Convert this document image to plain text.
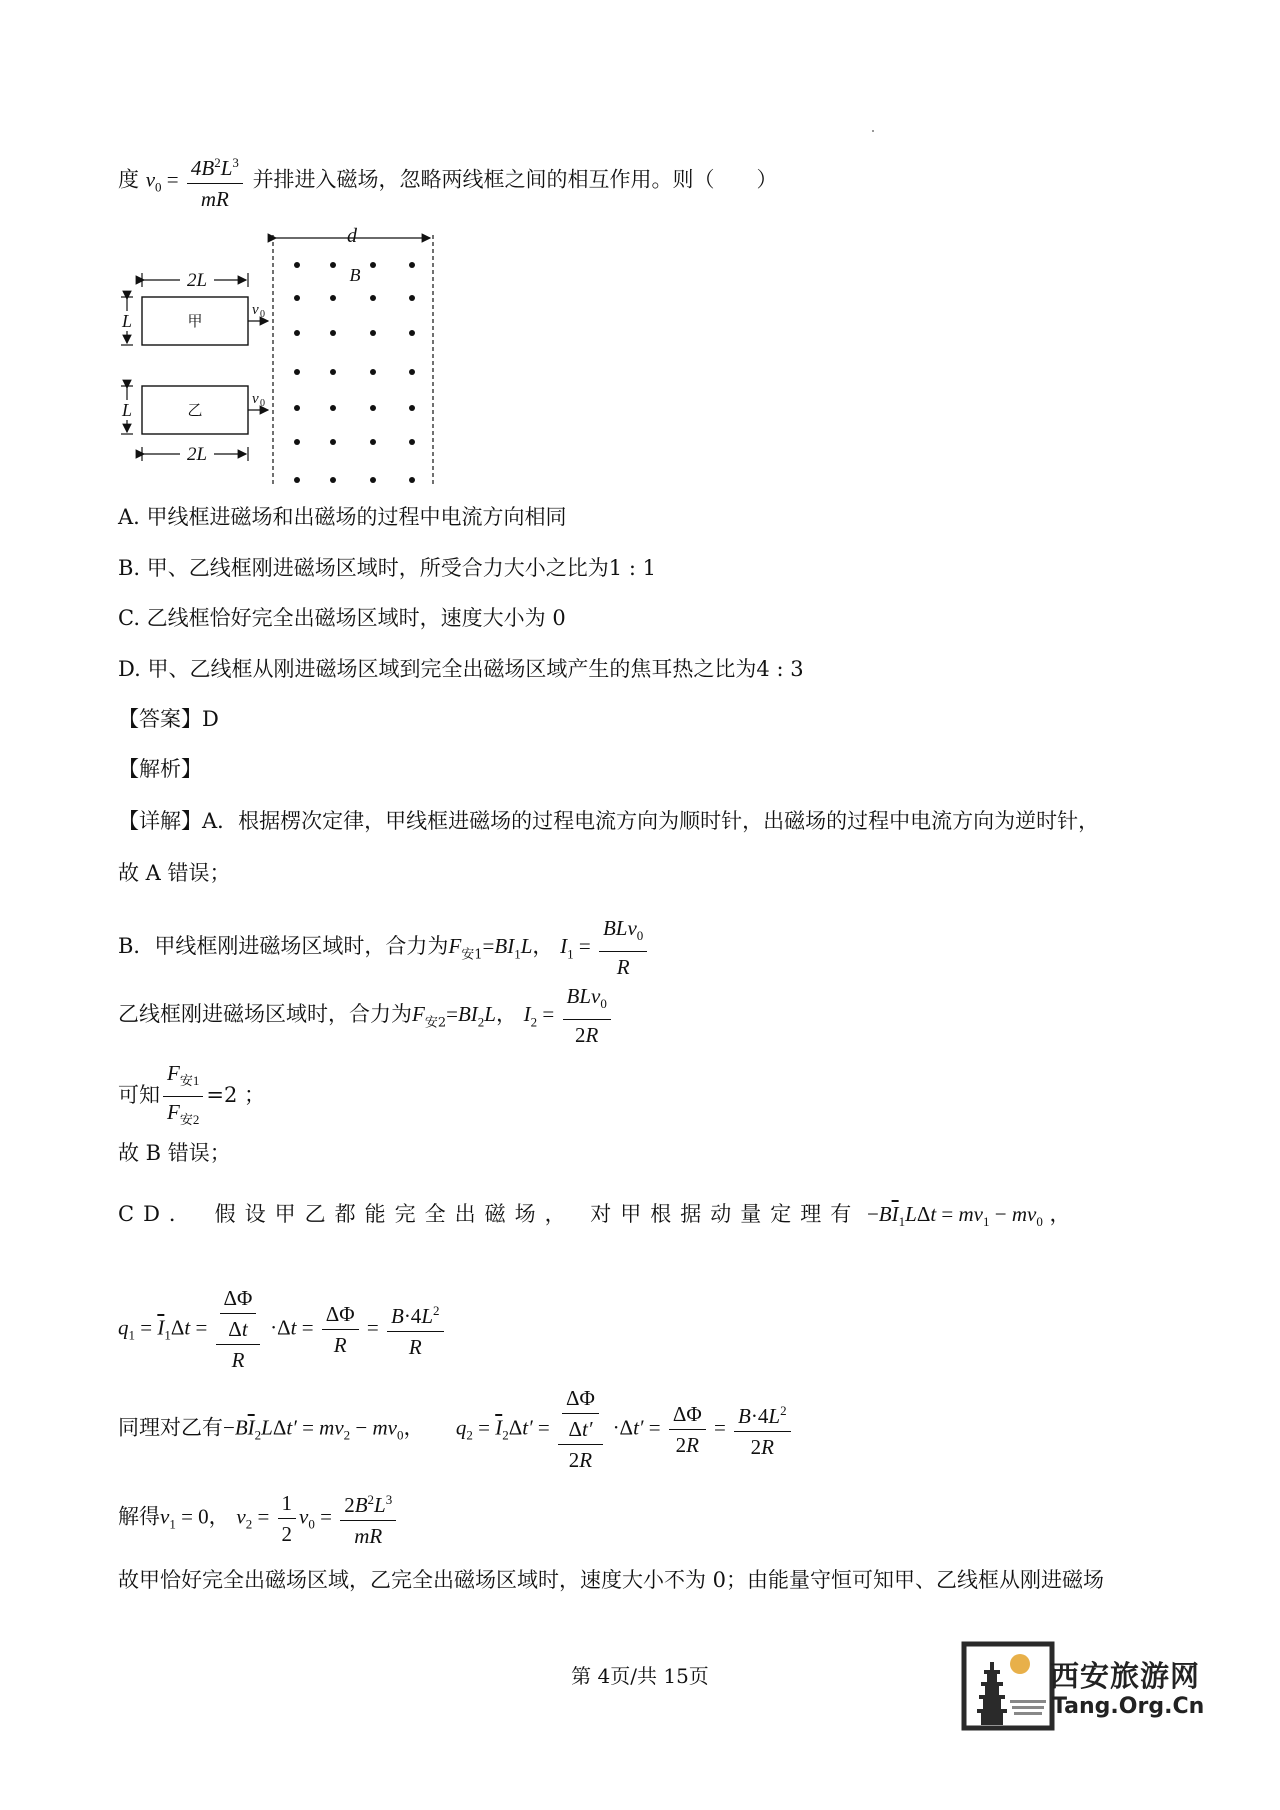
度 $v_0 = \frac{4B^2L^3}{mR}$ 并排进入磁场，忽略两线框之间的相互作用。则（　　）
d
B
2L
甲
v 0
L
乙
v 0
L
2L
A. 甲线框进磁场和出磁场的过程中电流方向相同
B. 甲、乙线框刚进磁场区域时，所受合力大小之比为1 : 1
C. 乙线框恰好完全出磁场区域时，速度大小为 0
D. 甲、乙线框从刚进磁场区域到完全出磁场区域产生的焦耳热之比为4 : 3
【答案】D
【解析】
【详解】A．根据楞次定律，甲线框进磁场的过程电流方向为顺时针，出磁场的过程中电流方向为逆时针，
故 A 错误；
B．甲线框刚进磁场区域时，合力为$F_{安1}=BI_1L$， $I_1 = \frac{BLv_0}{R}$
乙线框刚进磁场区域时，合力为$F_{安2}=BI_2L$， $I_2 = \frac{BLv_0}{2R}$
可知 $\frac{F_{安1}}{F_{安2}} =2$ ；
故 B 错误；
CD． 假设甲乙都能完全出磁场， 对甲根据动量定理有 $-B\overline{I}_1L\Delta t = mv_1 - mv_0$ ，
$q_1 = \overline{I}_1\Delta t = \frac{\frac{\Delta\Phi}{\Delta t}}{R} \cdot\Delta t = \frac{\Delta\Phi}{R} = \frac{B\cdot 4L^2}{R}$
同理对乙有$-B\overline{I}_2L\Delta t' = mv_2 - mv_0$， $q_2 = \overline{I}_2\Delta t' = \frac{\frac{\Delta\Phi}{\Delta t'}}{2R} \cdot\Delta t' = \frac{\Delta\Phi}{2R} = \frac{B\cdot 4L^2}{2R}$
解得$v_1 = 0$， $v_2 = \frac{1}{2} v_0 = \frac{2B^2L^3}{mR}$
故甲恰好完全出磁场区域，乙完全出磁场区域时，速度大小不为 0；由能量守恒可知甲、乙线框从刚进磁场
第 4页/共 15页	西安旅游网
Tang.Org.Cn
